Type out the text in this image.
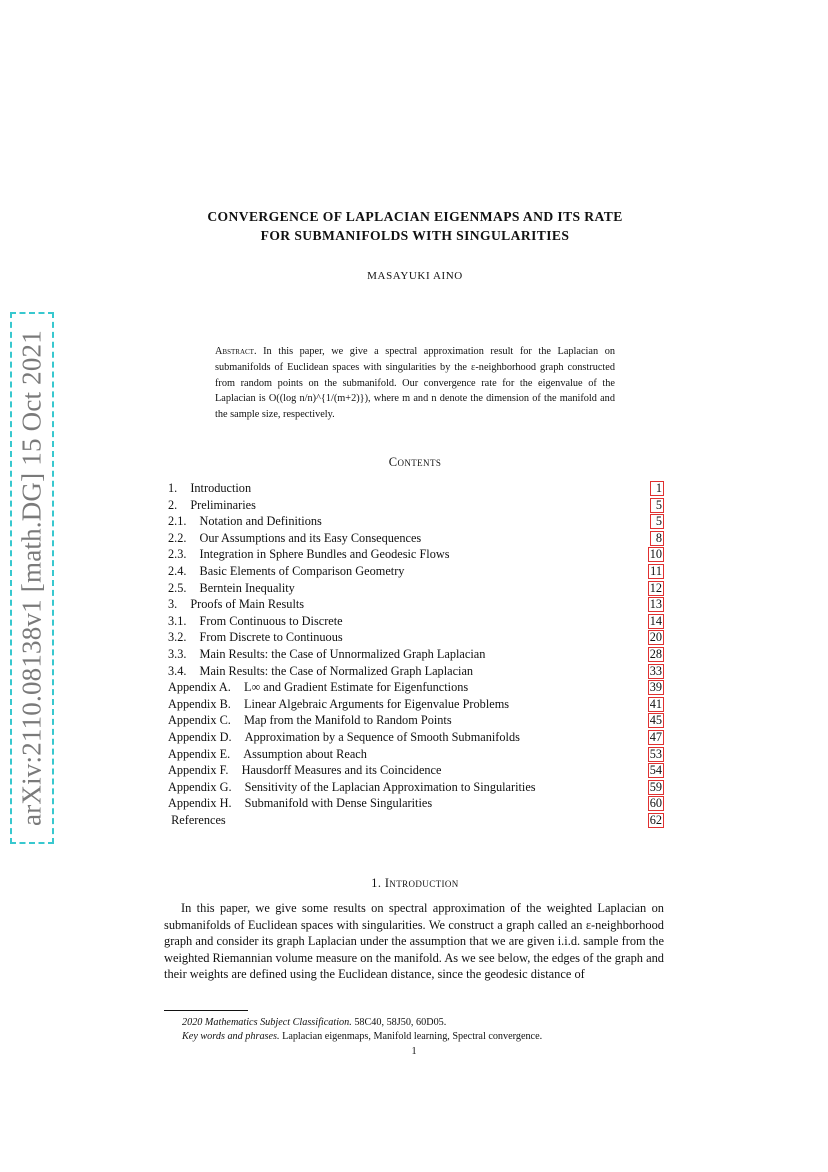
arXiv:2110.08138v1 [math.DG] 15 Oct 2021
CONVERGENCE OF LAPLACIAN EIGENMAPS AND ITS RATE
FOR SUBMANIFOLDS WITH SINGULARITIES
MASAYUKI AINO

Abstract. In this paper, we give a spectral approximation result for the Laplacian on submanifolds of Euclidean spaces with singularities by the ε-neighborhood graph constructed from random points on the submanifold. Our convergence rate for the eigenvalue of the Laplacian is O((log n/n)^{1/(m+2)}), where m and n denote the dimension of the manifold and the sample size, respectively.

Contents
1. Introduction	1
2. Preliminaries	5
2.1. Notation and Definitions	5
2.2. Our Assumptions and its Easy Consequences	8
2.3. Integration in Sphere Bundles and Geodesic Flows	10
2.4. Basic Elements of Comparison Geometry	11
2.5. Berntein Inequality	12
3. Proofs of Main Results	13
3.1. From Continuous to Discrete	14
3.2. From Discrete to Continuous	20
3.3. Main Results: the Case of Unnormalized Graph Laplacian	28
3.4. Main Results: the Case of Normalized Graph Laplacian	33
Appendix A. L∞ and Gradient Estimate for Eigenfunctions	39
Appendix B. Linear Algebraic Arguments for Eigenvalue Problems	41
Appendix C. Map from the Manifold to Random Points	45
Appendix D. Approximation by a Sequence of Smooth Submanifolds	47
Appendix E. Assumption about Reach	53
Appendix F. Hausdorff Measures and its Coincidence	54
Appendix G. Sensitivity of the Laplacian Approximation to Singularities	59
Appendix H. Submanifold with Dense Singularities	60
References	62
1. Introduction

In this paper, we give some results on spectral approximation of the weighted Laplacian on submanifolds of Euclidean spaces with singularities. We construct a graph called an ε-neighborhood graph and consider its graph Laplacian under the assumption that we are given i.i.d. sample from the weighted Riemannian volume measure on the manifold. As we see below, the edges of the graph and their weights are defined using the Euclidean distance, since the geodesic distance of

2020 Mathematics Subject Classification. 58C40, 58J50, 60D05.

Key words and phrases. Laplacian eigenmaps, Manifold learning, Spectral convergence.

1
